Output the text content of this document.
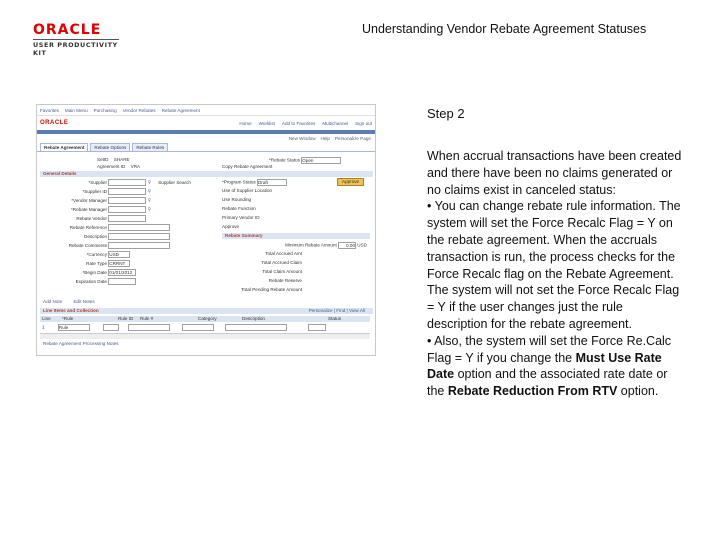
ORACLE
USER PRODUCTIVITY KIT
Understanding Vendor Rebate Agreement Statuses
Favorites Main Menu Purchasing Vendor Rebates Rebate Agreement
ORACLE	Home Worklist Add to Favorites Multichannel Sign out
New Window Help Personalize Page
Rebate Agreement	Rebate Options	Rebate Rules
SetID SHARE
Agreement ID VRA
*Rebate Status Open
Copy Rebate Agreement
General Details
*Supplier	⚲ Supplier Search
*Supplier ID	⚲
*Vendor Manager	⚲
*Rebate Manager	⚲
Rebate Vendor
Rebate Reference
Description
Rebate Comments
*Currency USD
Rate Type CRRNT
*Begin Date 01/01/2012
Expiration Date
*Program Status Draft	Approve
Use of Supplier Location
Use Rounding
Rebate Function
Primary Vendor ID
Approve
Rebate Summary
Minimum Rebate Amount 0.00 USD
Total Accrued Amt
Total Accrued Claim
Total Claim Amount
Rebate Reserve
Total Pending Rebate Amount
Add Note Edit Notes
Line Items and Collection	Personalize | Find | View All
Line *Rule	Rule ID Rule #	Category	Description	Status
1	Rule
Rebate Agreement Processing Notes
Step 2

When accrual transactions have been created and there have been no claims generated or no claims exist in canceled status:

• You can change rebate rule information. The system will set the Force Recalc Flag = Y on the rebate agreement. When the accruals transaction is run, the process checks for the Force Recalc flag on the Rebate Agreement. The system will not set the Force Recalc Flag = Y if the user changes just the rule description for the rebate agreement.

• Also, the system will set the Force Re.Calc Flag = Y if you change the Must Use Rate Date option and the associated rate date or the Rebate Reduction From RTV option.
